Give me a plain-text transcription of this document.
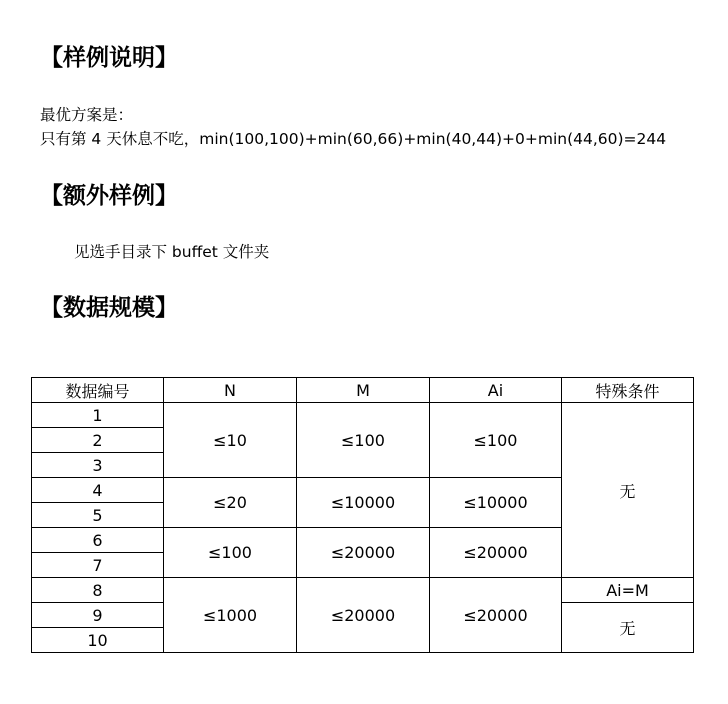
【样例说明】
最优方案是：
只有第 4 天休息不吃，min(100,100)+min(60,66)+min(40,44)+0+min(44,60)=244
【额外样例】
见选手目录下 buffet 文件夹
【数据规模】
数据编号	N	M	Ai	特殊条件
1	≤10	≤100	≤100	无
2				
3				
4	≤20	≤10000	≤10000	
5				
6	≤100	≤20000	≤20000	
7				
8	≤1000	≤20000	≤20000	Ai=M
9				无
10				
